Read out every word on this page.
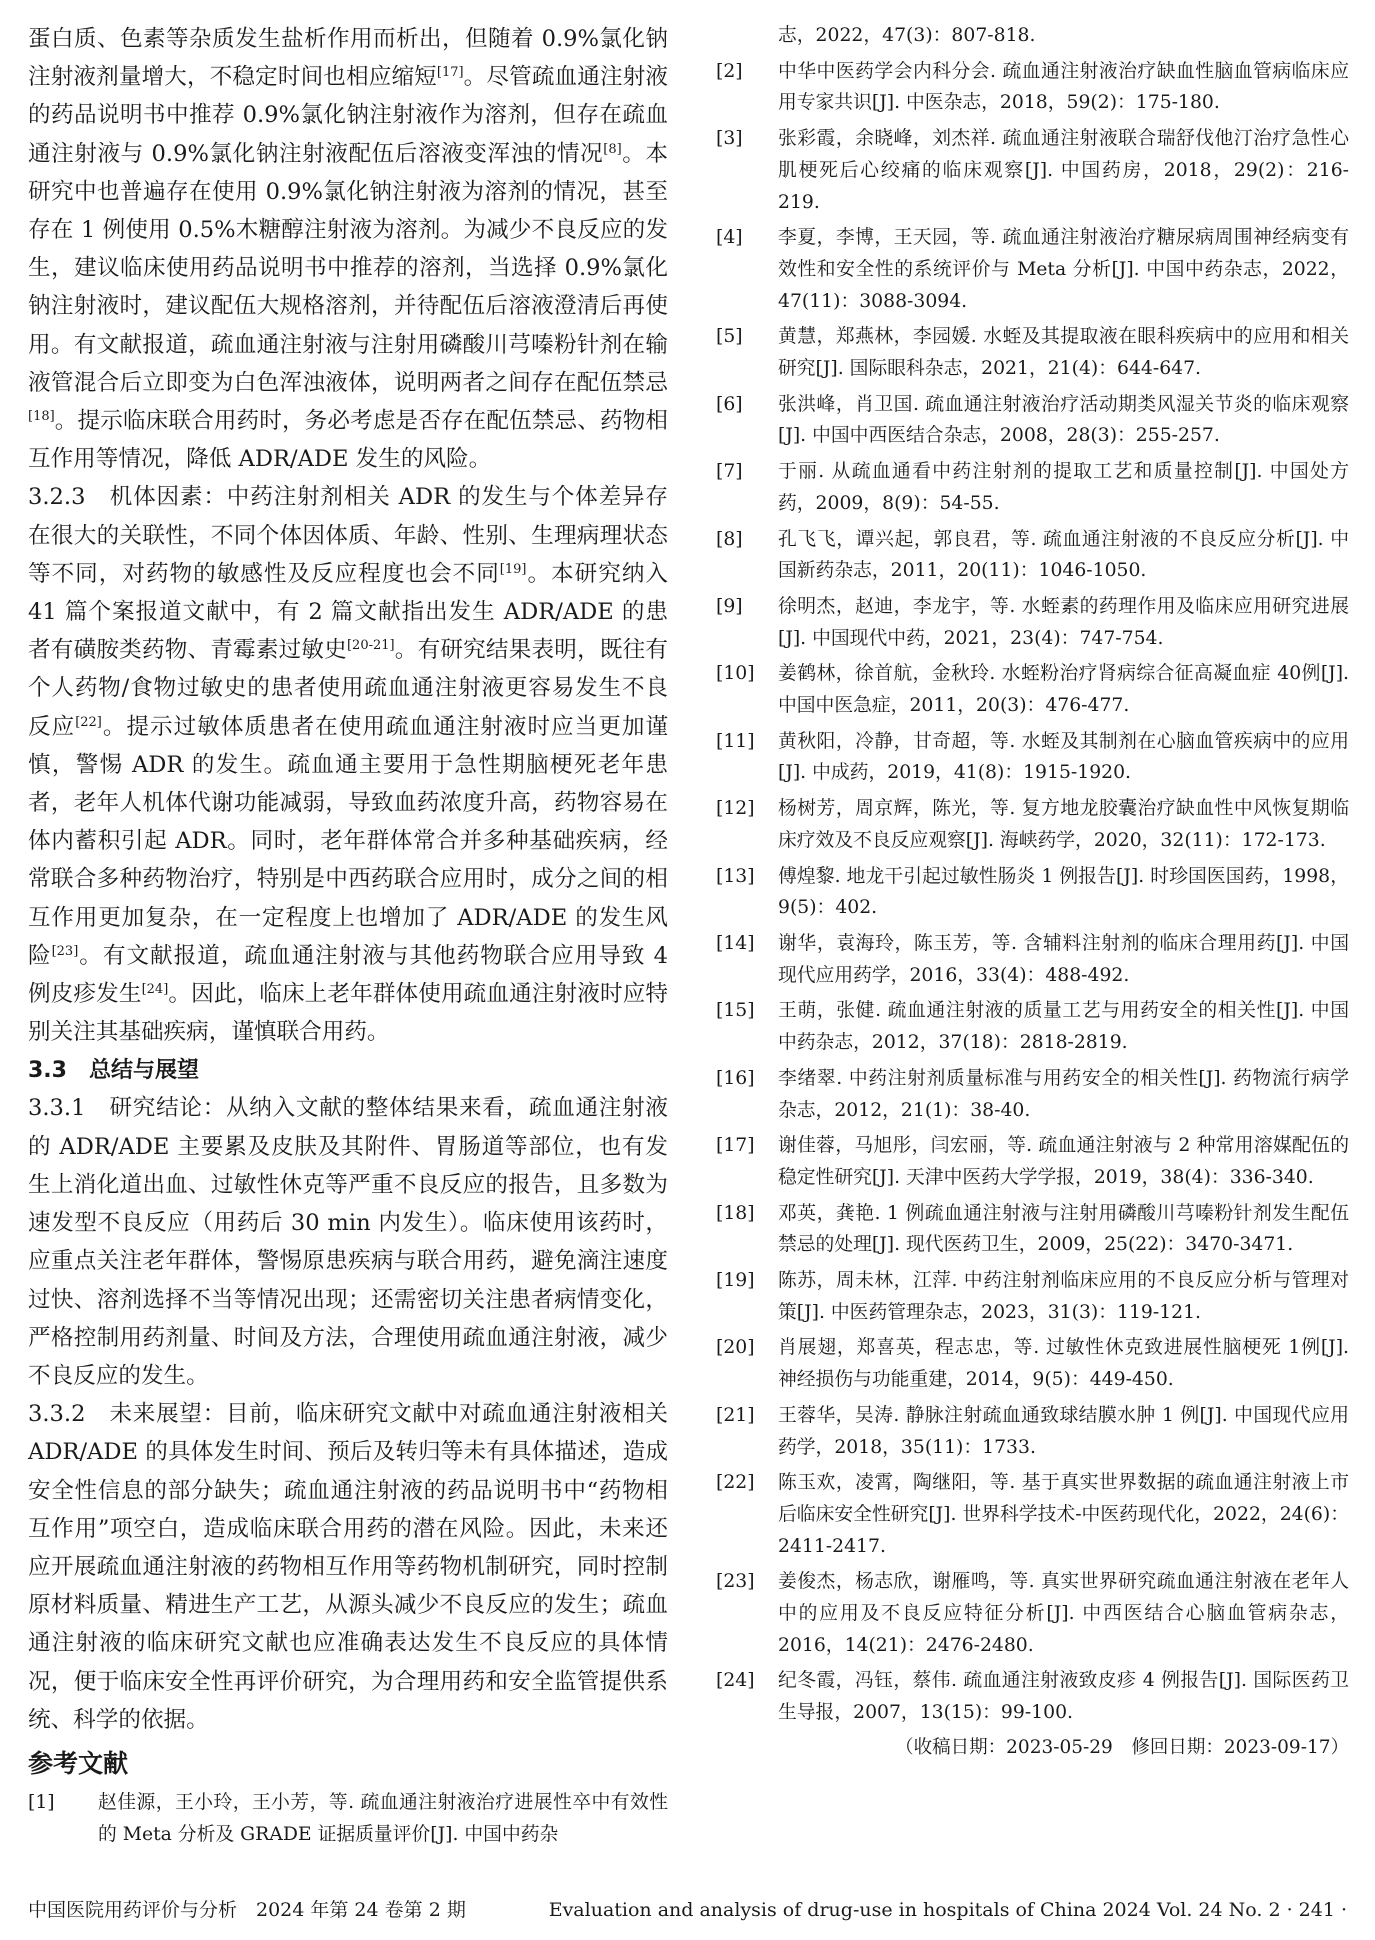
蛋白质、色素等杂质发生盐析作用而析出，但随着 0.9%氯化钠注射液剂量增大，不稳定时间也相应缩短[17]。尽管疏血通注射液的药品说明书中推荐 0.9%氯化钠注射液作为溶剂，但存在疏血通注射液与 0.9%氯化钠注射液配伍后溶液变浑浊的情况[8]。本研究中也普遍存在使用 0.9%氯化钠注射液为溶剂的情况，甚至存在 1 例使用 0.5%木糖醇注射液为溶剂。为减少不良反应的发生，建议临床使用药品说明书中推荐的溶剂，当选择 0.9%氯化钠注射液时，建议配伍大规格溶剂，并待配伍后溶液澄清后再使用。有文献报道，疏血通注射液与注射用磷酸川芎嗪粉针剂在输液管混合后立即变为白色浑浊液体，说明两者之间存在配伍禁忌[18]。提示临床联合用药时，务必考虑是否存在配伍禁忌、药物相互作用等情况，降低 ADR/ADE 发生的风险。

3.2.3　机体因素：中药注射剂相关 ADR 的发生与个体差异存在很大的关联性，不同个体因体质、年龄、性别、生理病理状态等不同，对药物的敏感性及反应程度也会不同[19]。本研究纳入 41 篇个案报道文献中，有 2 篇文献指出发生 ADR/ADE 的患者有磺胺类药物、青霉素过敏史[20-21]。有研究结果表明，既往有个人药物/食物过敏史的患者使用疏血通注射液更容易发生不良反应[22]。提示过敏体质患者在使用疏血通注射液时应当更加谨慎，警惕 ADR 的发生。疏血通主要用于急性期脑梗死老年患者，老年人机体代谢功能减弱，导致血药浓度升高，药物容易在体内蓄积引起 ADR。同时，老年群体常合并多种基础疾病，经常联合多种药物治疗，特别是中西药联合应用时，成分之间的相互作用更加复杂，在一定程度上也增加了 ADR/ADE 的发生风险[23]。有文献报道，疏血通注射液与其他药物联合应用导致 4 例皮疹发生[24]。因此，临床上老年群体使用疏血通注射液时应特别关注其基础疾病，谨慎联合用药。

3.3　总结与展望

3.3.1　研究结论：从纳入文献的整体结果来看，疏血通注射液的 ADR/ADE 主要累及皮肤及其附件、胃肠道等部位，也有发生上消化道出血、过敏性休克等严重不良反应的报告，且多数为速发型不良反应（用药后 30 min 内发生）。临床使用该药时，应重点关注老年群体，警惕原患疾病与联合用药，避免滴注速度过快、溶剂选择不当等情况出现；还需密切关注患者病情变化，严格控制用药剂量、时间及方法，合理使用疏血通注射液，减少不良反应的发生。

3.3.2　未来展望：目前，临床研究文献中对疏血通注射液相关 ADR/ADE 的具体发生时间、预后及转归等未有具体描述，造成安全性信息的部分缺失；疏血通注射液的药品说明书中“药物相互作用”项空白，造成临床联合用药的潜在风险。因此，未来还应开展疏血通注射液的药物相互作用等药物机制研究，同时控制原材料质量、精进生产工艺，从源头减少不良反应的发生；疏血通注射液的临床研究文献也应准确表达发生不良反应的具体情况，便于临床安全性再评价研究，为合理用药和安全监管提供系统、科学的依据。

参考文献
[1]	赵佳源，王小玲，王小芳，等. 疏血通注射液治疗进展性卒中有效性的 Meta 分析及 GRADE 证据质量评价[J]. 中国中药杂
志，2022，47(3)：807-818.
[2]	中华中医药学会内科分会. 疏血通注射液治疗缺血性脑血管病临床应用专家共识[J]. 中医杂志，2018，59(2)：175-180.
[3]	张彩霞，余晓峰，刘杰祥. 疏血通注射液联合瑞舒伐他汀治疗急性心肌梗死后心绞痛的临床观察[J]. 中国药房，2018，29(2)：216-219.
[4]	李夏，李博，王天园，等. 疏血通注射液治疗糖尿病周围神经病变有效性和安全性的系统评价与 Meta 分析[J]. 中国中药杂志，2022，47(11)：3088-3094.
[5]	黄慧，郑燕林，李园媛. 水蛭及其提取液在眼科疾病中的应用和相关研究[J]. 国际眼科杂志，2021，21(4)：644-647.
[6]	张洪峰，肖卫国. 疏血通注射液治疗活动期类风湿关节炎的临床观察[J]. 中国中西医结合杂志，2008，28(3)：255-257.
[7]	于丽. 从疏血通看中药注射剂的提取工艺和质量控制[J]. 中国处方药，2009，8(9)：54-55.
[8]	孔飞飞，谭兴起，郭良君，等. 疏血通注射液的不良反应分析[J]. 中国新药杂志，2011，20(11)：1046-1050.
[9]	徐明杰，赵迪，李龙宇，等. 水蛭素的药理作用及临床应用研究进展[J]. 中国现代中药，2021，23(4)：747-754.
[10]	姜鹤林，徐首航，金秋玲. 水蛭粉治疗肾病综合征高凝血症 40例[J]. 中国中医急症，2011，20(3)：476-477.
[11]	黄秋阳，冷静，甘奇超，等. 水蛭及其制剂在心脑血管疾病中的应用[J]. 中成药，2019，41(8)：1915-1920.
[12]	杨树芳，周京辉，陈光，等. 复方地龙胶囊治疗缺血性中风恢复期临床疗效及不良反应观察[J]. 海峡药学，2020，32(11)：172-173.
[13]	傅煌黎. 地龙干引起过敏性肠炎 1 例报告[J]. 时珍国医国药，1998，9(5)：402.
[14]	谢华，袁海玲，陈玉芳，等. 含辅料注射剂的临床合理用药[J]. 中国现代应用药学，2016，33(4)：488-492.
[15]	王萌，张健. 疏血通注射液的质量工艺与用药安全的相关性[J]. 中国中药杂志，2012，37(18)：2818-2819.
[16]	李绪翠. 中药注射剂质量标准与用药安全的相关性[J]. 药物流行病学杂志，2012，21(1)：38-40.
[17]	谢佳蓉，马旭彤，闫宏丽，等. 疏血通注射液与 2 种常用溶媒配伍的稳定性研究[J]. 天津中医药大学学报，2019，38(4)：336-340.
[18]	邓英，龚艳. 1 例疏血通注射液与注射用磷酸川芎嗪粉针剂发生配伍禁忌的处理[J]. 现代医药卫生，2009，25(22)：3470-3471.
[19]	陈苏，周未林，江萍. 中药注射剂临床应用的不良反应分析与管理对策[J]. 中医药管理杂志，2023，31(3)：119-121.
[20]	肖展翅，郑喜英，程志忠，等. 过敏性休克致进展性脑梗死 1例[J]. 神经损伤与功能重建，2014，9(5)：449-450.
[21]	王蓉华，吴涛. 静脉注射疏血通致球结膜水肿 1 例[J]. 中国现代应用药学，2018，35(11)：1733.
[22]	陈玉欢，凌霄，陶继阳，等. 基于真实世界数据的疏血通注射液上市后临床安全性研究[J]. 世界科学技术-中医药现代化，2022，24(6)：2411-2417.
[23]	姜俊杰，杨志欣，谢雁鸣，等. 真实世界研究疏血通注射液在老年人中的应用及不良反应特征分析[J]. 中西医结合心脑血管病杂志，2016，14(21)：2476-2480.
[24]	纪冬霞，冯钰，蔡伟. 疏血通注射液致皮疹 4 例报告[J]. 国际医药卫生导报，2007，13(15)：99-100.
（收稿日期：2023-05-29　修回日期：2023-09-17）
中国医院用药评价与分析　2024 年第 24 卷第 2 期	Evaluation and analysis of drug-use in hospitals of China 2024 Vol. 24 No. 2 · 241 ·
